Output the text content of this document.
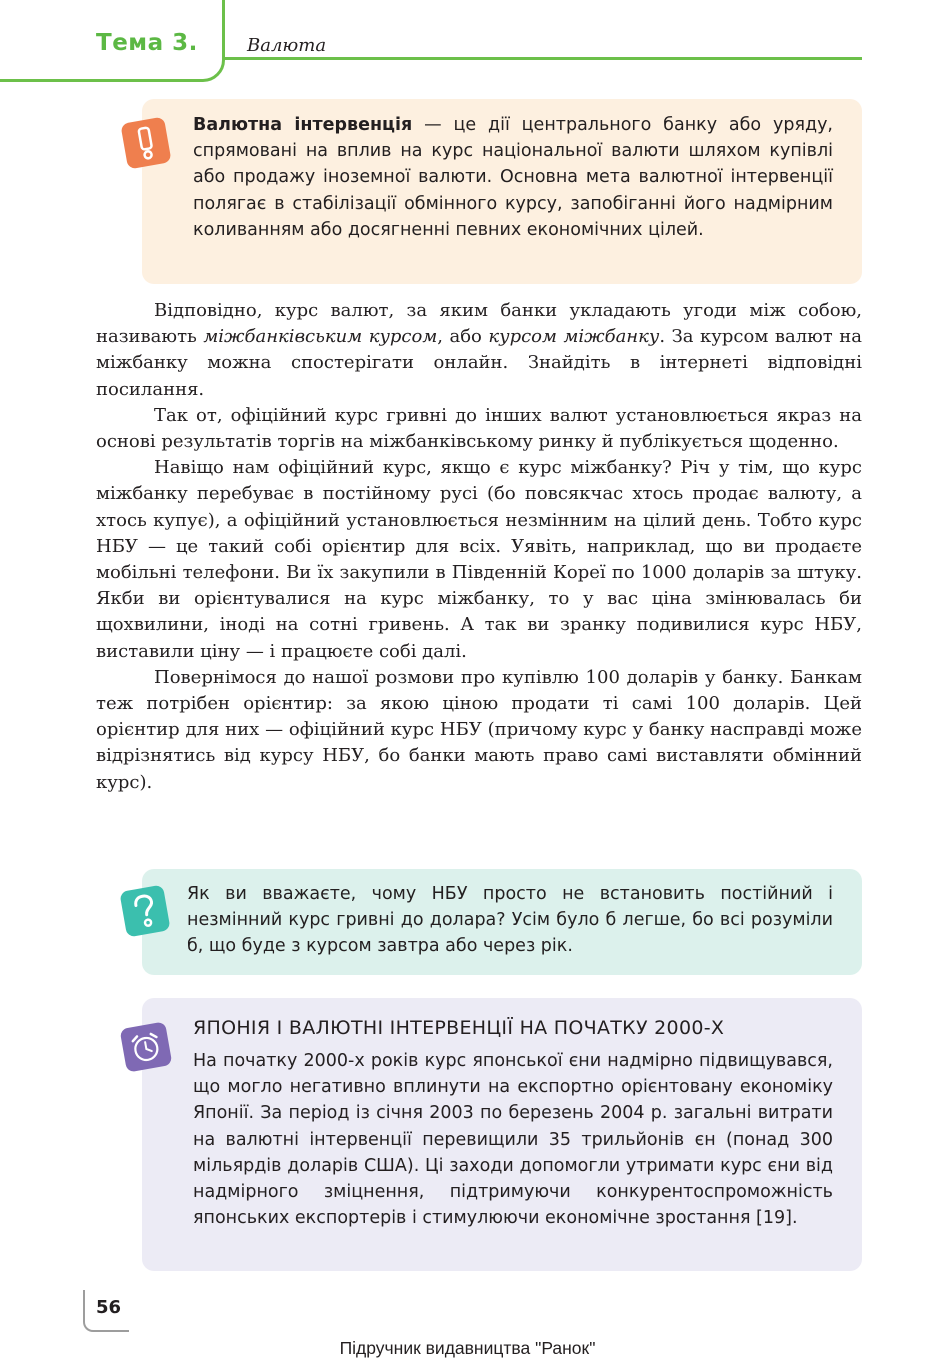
Тема 3.	Валюта
Валютна інтервенція — це дії центрального банку або уряду, спрямовані на вплив на курс національної валюти шляхом купівлі або продажу іноземної валюти. Основна мета валютної інтервенції полягає в стабілізації обмінного курсу, запобіганні його надмірним коливанням або досягненні певних економічних цілей.

Відповідно, курс валют, за яким банки укладають угоди між собою, називають міжбанківським курсом, або курсом міжбанку. За курсом валют на міжбанку можна спостерігати онлайн. Знайдіть в інтернеті відповідні посилання.

Так от, офіційний курс гривні до інших валют установлюється якраз на основі результатів торгів на міжбанківському ринку й публікується щоденно.

Навіщо нам офіційний курс, якщо є курс міжбанку? Річ у тім, що курс міжбанку перебуває в постійному русі (бо повсякчас хтось продає валюту, а хтось купує), а офіційний установлюється незмінним на цілий день. Тобто курс НБУ — це такий собі орієнтир для всіх. Уявіть, наприклад, що ви продаєте мобільні телефони. Ви їх закупили в Південній Кореї по 1000 доларів за штуку. Якби ви орієнтувалися на курс міжбанку, то у вас ціна змінювалась би щохвилини, іноді на сотні гривень. А так ви зранку подивилися курс НБУ, виставили ціну — і працюєте собі далі.

Повернімося до нашої розмови про купівлю 100 доларів у банку. Банкам теж потрібен орієнтир: за якою ціною продати ті самі 100 доларів. Цей орієнтир для них — офіційний курс НБУ (причому курс у банку насправді може відрізнятись від курсу НБУ, бо банки мають право самі виставляти обмінний курс).

Як ви вважаєте, чому НБУ просто не встановить постійний і незмінний курс гривні до долара? Усім було б легше, бо всі розуміли б, що буде з курсом завтра або через рік.
ЯПОНІЯ І ВАЛЮТНІ ІНТЕРВЕНЦІЇ НА ПОЧАТКУ 2000-Х
На початку 2000-х років курс японської єни надмірно підвищувався, що могло негативно вплинути на експортно орієнтовану економіку Японії. За період із січня 2003 по березень 2004 р. загальні витрати на валютні інтервенції перевищили 35 трильйонів єн (понад 300 мільярдів доларів США). Ці заходи допомогли утримати курс єни від надмірного зміцнення, підтримуючи конкурентоспроможність японських експортерів і стимулюючи економічне зростання [19].
56
Підручник видавництва "Ранок"
